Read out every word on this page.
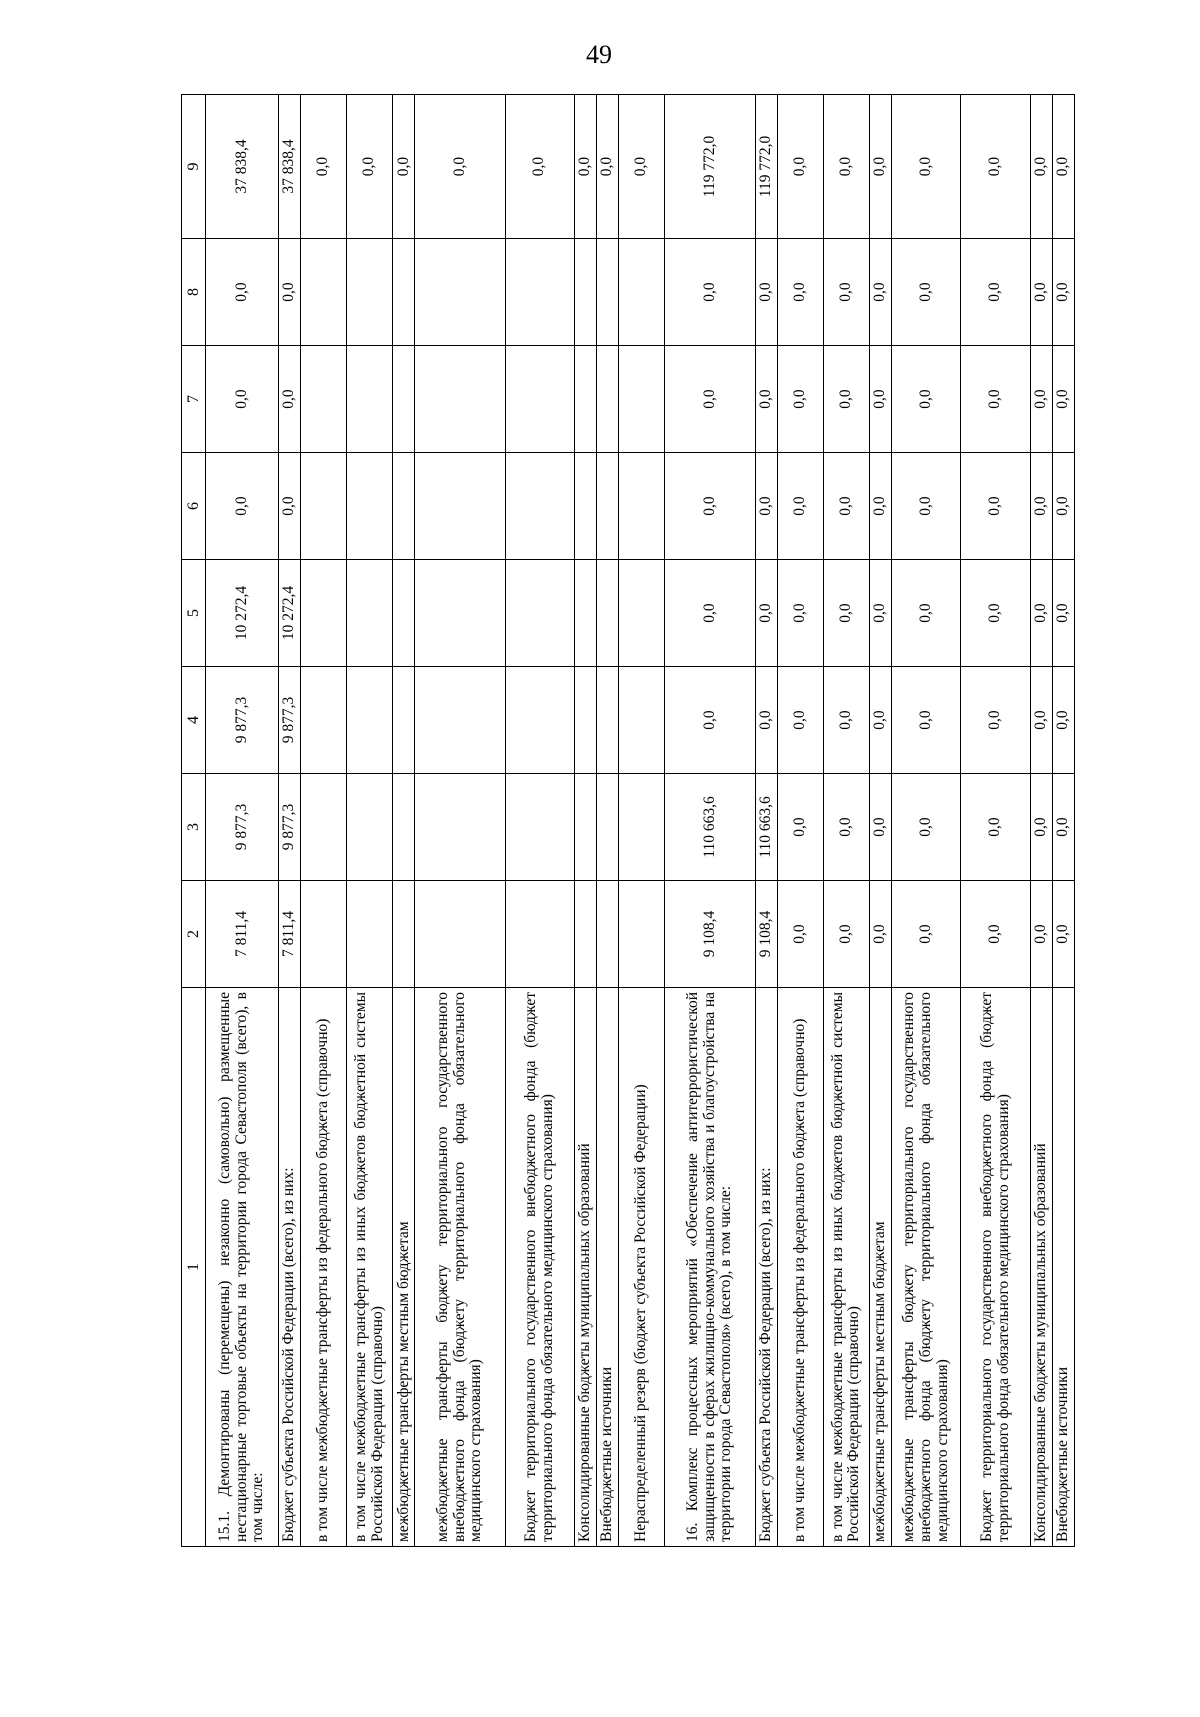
49
1	2	3	4	5	6	7	8	9
15.1. Демонтированы (перемещены) незаконно (самовольно) размещенные нестационарные торговые объекты на территории города Севастополя (всего), в том числе:	7 811,4	9 877,3	9 877,3	10 272,4	0,0	0,0	0,0	37 838,4
Бюджет субъекта Российской Федерации (всего), из них:	7 811,4	9 877,3	9 877,3	10 272,4	0,0	0,0	0,0	37 838,4
в том числе межбюджетные трансферты из федерального бюджета (справочно)								0,0
в том числе межбюджетные трансферты из иных бюджетов бюджетной системы Российской Федерации (справочно)								0,0
межбюджетные трансферты местным бюджетам								0,0
межбюджетные трансферты бюджету территориального государственного внебюджетного фонда (бюджету территориального фонда обязательного медицинского страхования)								0,0
Бюджет территориального государственного внебюджетного фонда (бюджет территориального фонда обязательного медицинского страхования)								0,0
Консолидированные бюджеты муниципальных образований								0,0
Внебюджетные источники								0,0
Нераспределенный резерв (бюджет субъекта Российской Федерации)								0,0
16. Комплекс процессных мероприятий «Обеспечение антитеррористической защищенности в сферах жилищно-коммунального хозяйства и благоустройства на территории города Севастополя» (всего), в том числе:	9 108,4	110 663,6	0,0	0,0	0,0	0,0	0,0	119 772,0
Бюджет субъекта Российской Федерации (всего), из них:	9 108,4	110 663,6	0,0	0,0	0,0	0,0	0,0	119 772,0
в том числе межбюджетные трансферты из федерального бюджета (справочно)	0,0	0,0	0,0	0,0	0,0	0,0	0,0	0,0
в том числе межбюджетные трансферты из иных бюджетов бюджетной системы Российской Федерации (справочно)	0,0	0,0	0,0	0,0	0,0	0,0	0,0	0,0
межбюджетные трансферты местным бюджетам	0,0	0,0	0,0	0,0	0,0	0,0	0,0	0,0
межбюджетные трансферты бюджету территориального государственного внебюджетного фонда (бюджету территориального фонда обязательного медицинского страхования)	0,0	0,0	0,0	0,0	0,0	0,0	0,0	0,0
Бюджет территориального государственного внебюджетного фонда (бюджет территориального фонда обязательного медицинского страхования)	0,0	0,0	0,0	0,0	0,0	0,0	0,0	0,0
Консолидированные бюджеты муниципальных образований	0,0	0,0	0,0	0,0	0,0	0,0	0,0	0,0
Внебюджетные источники	0,0	0,0	0,0	0,0	0,0	0,0	0,0	0,0
